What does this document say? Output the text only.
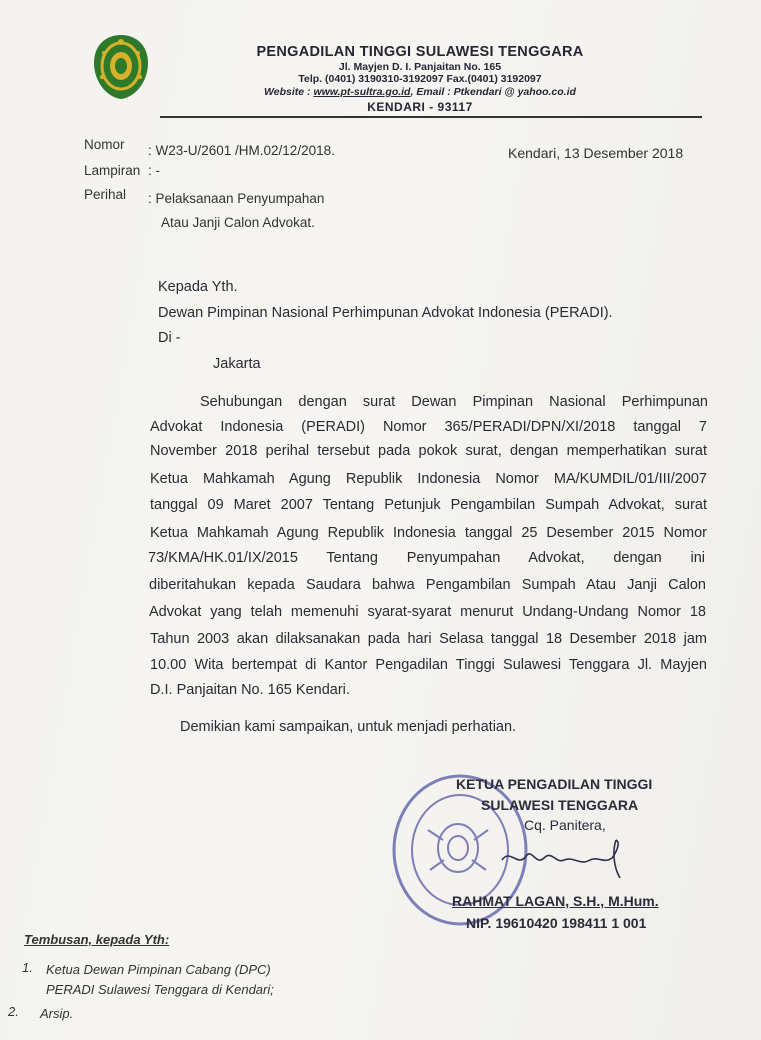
PENGADILAN TINGGI SULAWESI TENGGARA
Jl. Mayjen D. I. Panjaitan No. 165
Telp. (0401) 3190310-3192097 Fax.(0401) 3192097
Website : www.pt-sultra.go.id, Email : Ptkendari @ yahoo.co.id
KENDARI - 93117
Nomor : W23-U/2601 /HM.02/12/2018.	Kendari, 13 Desember 2018
Lampiran : -
Perihal : Pelaksanaan Penyumpahan
Atau Janji Calon Advokat.
Kepada Yth.
Dewan Pimpinan Nasional Perhimpunan Advokat Indonesia (PERADI).
Di -
Jakarta
Sehubungan dengan surat Dewan Pimpinan Nasional Perhimpunan
Advokat Indonesia (PERADI) Nomor 365/PERADI/DPN/XI/2018 tanggal 7
November 2018 perihal tersebut pada pokok surat, dengan memperhatikan surat
Ketua Mahkamah Agung Republik Indonesia Nomor MA/KUMDIL/01/III/2007
tanggal 09 Maret 2007 Tentang Petunjuk Pengambilan Sumpah Advokat, surat
Ketua Mahkamah Agung Republik Indonesia tanggal 25 Desember 2015 Nomor
73/KMA/HK.01/IX/2015 Tentang Penyumpahan Advokat, dengan ini
diberitahukan kepada Saudara bahwa Pengambilan Sumpah Atau Janji Calon
Advokat yang telah memenuhi syarat-syarat menurut Undang-Undang Nomor 18
Tahun 2003 akan dilaksanakan pada hari Selasa tanggal 18 Desember 2018 jam
10.00 Wita bertempat di Kantor Pengadilan Tinggi Sulawesi Tenggara Jl. Mayjen
D.I. Panjaitan No. 165 Kendari.
Demikian kami sampaikan, untuk menjadi perhatian.
KETUA PENGADILAN TINGGI
SULAWESI TENGGARA
Cq. Panitera,
RAHMAT LAGAN, S.H., M.Hum.
NIP. 19610420 198411 1 001
Tembusan, kepada Yth:
1. Ketua Dewan Pimpinan Cabang (DPC)
PERADI Sulawesi Tenggara di Kendari;
2. Arsip.
